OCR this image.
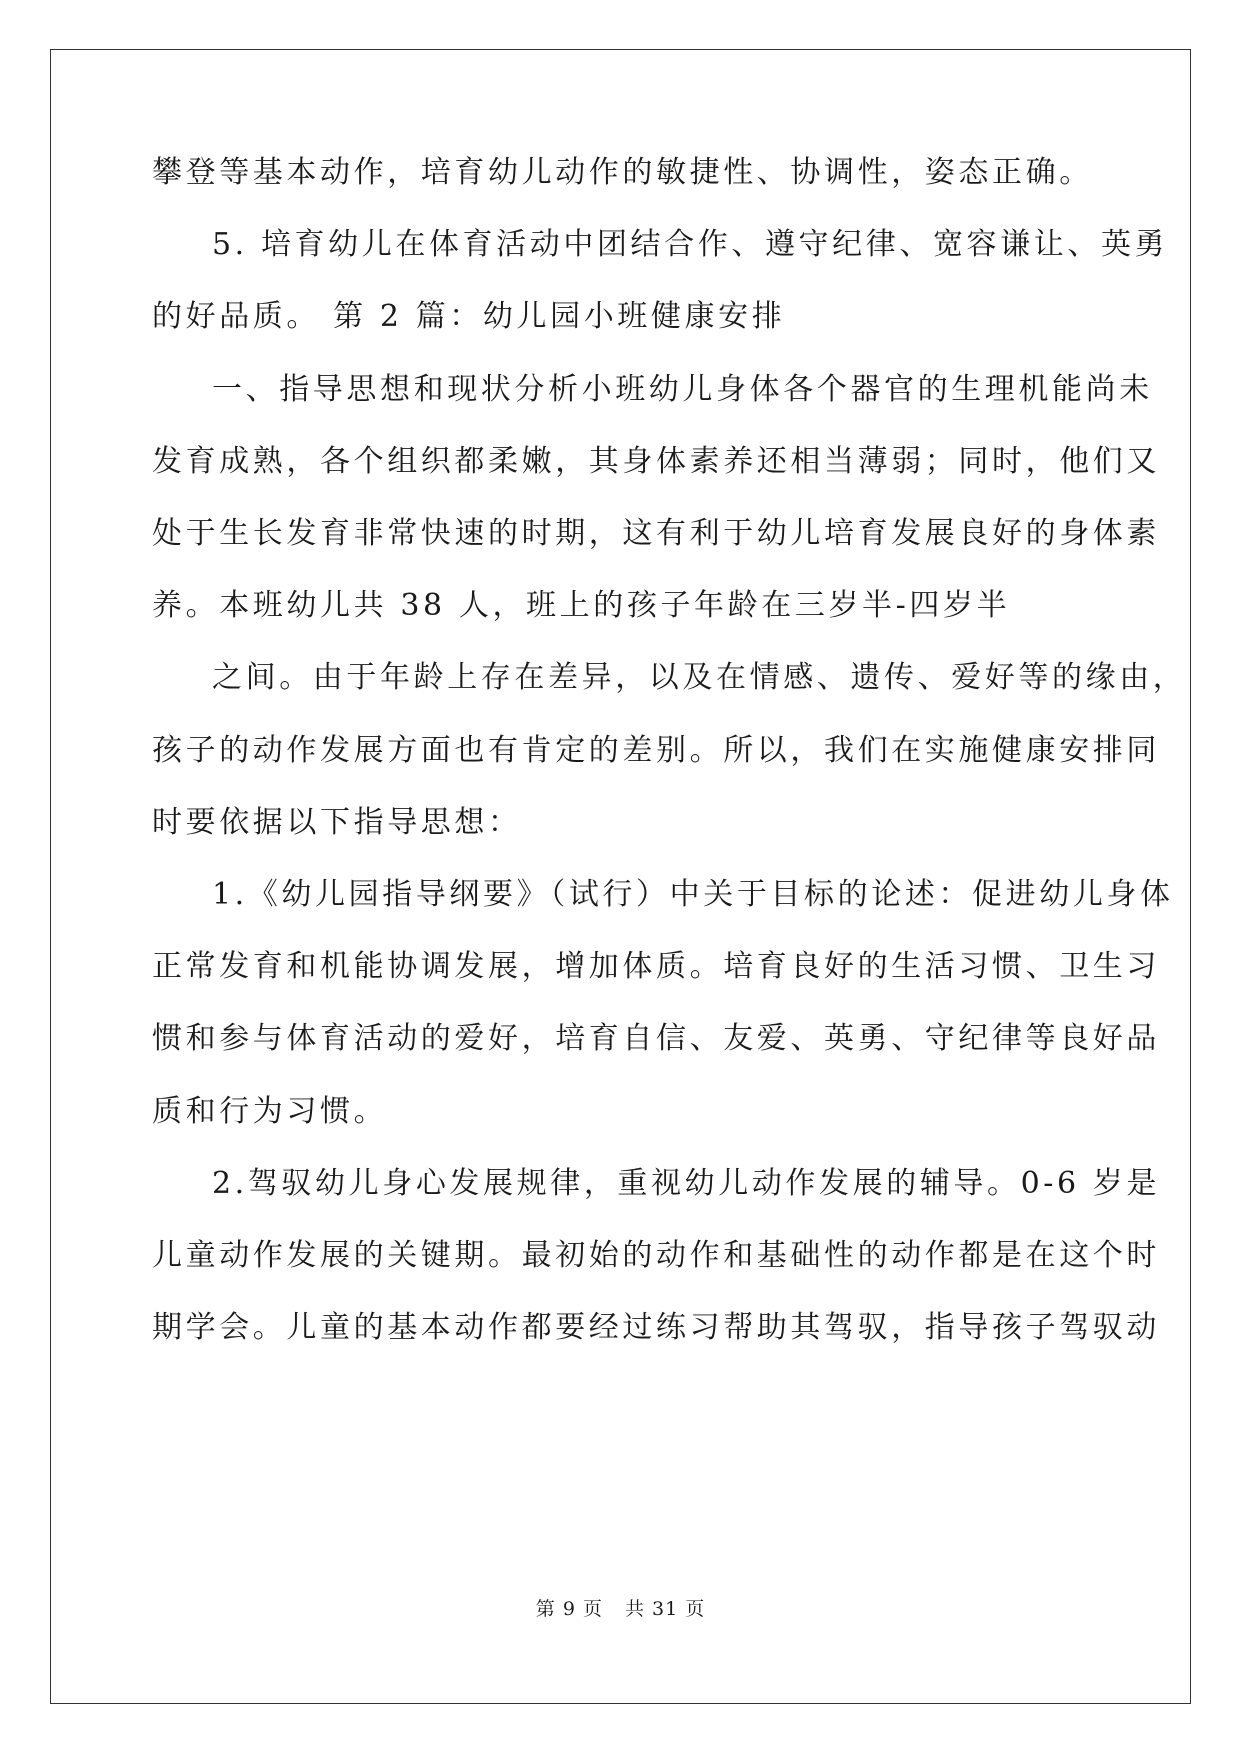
攀登等基本动作，培育幼儿动作的敏捷性、协调性，姿态正确。
5. 培育幼儿在体育活动中团结合作、遵守纪律、宽容谦让、英勇
的好品质。 第 2 篇：幼儿园小班健康安排
一、指导思想和现状分析小班幼儿身体各个器官的生理机能尚未
发育成熟，各个组织都柔嫩，其身体素养还相当薄弱；同时，他们又
处于生长发育非常快速的时期，这有利于幼儿培育发展良好的身体素
养。本班幼儿共 38 人，班上的孩子年龄在三岁半-四岁半
之间。由于年龄上存在差异，以及在情感、遗传、爱好等的缘由，
孩子的动作发展方面也有肯定的差别。所以，我们在实施健康安排同
时要依据以下指导思想：
1.《幼儿园指导纲要》（试行）中关于目标的论述：促进幼儿身体
正常发育和机能协调发展，增加体质。培育良好的生活习惯、卫生习
惯和参与体育活动的爱好，培育自信、友爱、英勇、守纪律等良好品
质和行为习惯。
2.驾驭幼儿身心发展规律，重视幼儿动作发展的辅导。0-6 岁是
儿童动作发展的关键期。最初始的动作和基础性的动作都是在这个时
期学会。儿童的基本动作都要经过练习帮助其驾驭，指导孩子驾驭动
第 9 页 共 31 页
